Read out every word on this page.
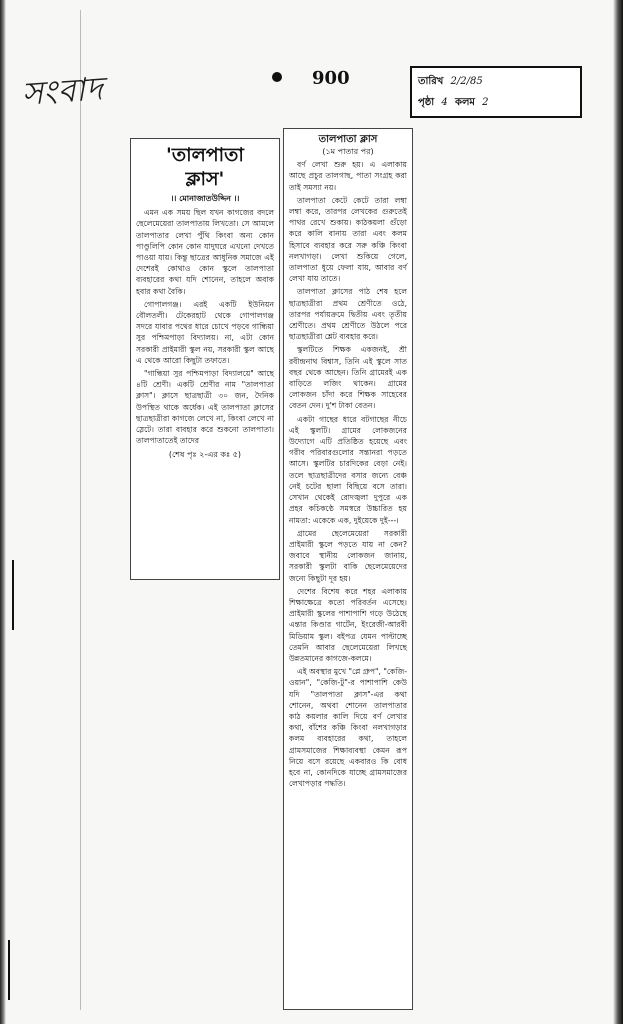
সংবাদ	006	তারিখ 2/2/85
পৃষ্ঠা 4 কলম 2
'তালপাতা
ক্লাস'
।। মোনাজাতউদ্দিন ।।

এমন এক সময় ছিল যখন কাগজের বদলে ছেলেমেয়েরা তালপাতায় লিখতো। সে আমলে তালপাতার লেখা পুঁথি কিংবা অন্য কোন পাণ্ডুলিপি কোন কোন যাদুঘরে এখনো দেখতে পাওয়া যায়। কিন্তু ছাত্রের আধুনিক সমাজে এই দেশেরই কোথাও কোন স্কুলে তালপাতা ব্যবহারের কথা যদি শোনেন, তাহলে অবাক হবার কথা বৈকি।

গোপালগঞ্জ। এরই একটি ইউনিয়ন বৌলতলী। টেকেরহাট থেকে গোপালগঞ্জ সদরে যাবার পথের ধারে চোখে পড়বে গান্ধিয়া সুর পশ্চিমপাড়া বিদ্যালয়। না, এটা কোন সরকারী প্রাইমারী স্কুল নয়, সরকারী স্কুল আছে এ থেকে আরো কিছুটা তফাতে।

"গান্ধিয়া সুর পশ্চিমপাড়া বিদ্যালয়ে" আছে ৪টি শ্রেণী। একটি শ্রেণীর নাম "তালপাতা ক্লাস"। ক্লাসে ছাত্রছাত্রী ৩০ জন, দৈনিক উপস্থিত থাকে অর্ধেক। এই তালপাতা ক্লাসের ছাত্রছাত্রীরা কাগজে লেখে না, কিংবা লেখে না স্লেটে। তারা বাবহার করে শুকনো তালপাতা। তালপাতাতেই তাদের

(শেষ পৃঃ ২-এর কঃ ৫)
তালপাতা ক্লাস
(১ম পাতার পর)

বর্ণ লেখা শুরু হয়। এ এলাকায় আছে প্রচুর তালগাছ, পাতা সংগ্রহ করা তাই সমস্যা নয়।

তালপাতা কেটে কেটে তারা লম্বা লম্বা করে, তারপর লেখকের গুরুতেই পাথর রেখে শুকায়। কাঠকয়লা গুঁড়ো করে কালি বানায় তারা এবং কলম হিসাবে ব্যবহার করে সরু কঞ্চি কিংবা নলখাগড়া। লেখা শুকিয়ে গেলে, তালপাতা ধুয়ে ফেলা যায়, আবার বর্ণ লেখা যায় তাতে।

তালপাতা ক্লাসের পাঠ শেষ হলে ছাত্রছাত্রীরা প্রথম শ্রেণীতে ওঠে, তারপর পর্যায়ক্রমে দ্বিতীয় এবং তৃতীয় শ্রেণীতে। প্রথম শ্রেণীতে উঠলে পরে ছাত্রছাত্রীরা শ্লেট ব্যবহার করে।

স্কুলটিতে শিক্ষক একজনই, শ্রী রবীন্দ্রনাথ বিশ্বাস, তিনি এই স্কুলে সাত বছর থেকে আছেন। তিনি গ্রামেরই এক বাড়িতে লজিং থাকেন। গ্রামের লোকজন চাঁদা করে শিক্ষক সাহেবের বেতন দেন। দু'শ টাকা বেতন।

একটা গাছের ধারে বটগাছের নীচে এই স্কুলটি। গ্রামের লোকজনের উদ্যোগে এটি প্রতিষ্ঠিত হয়েছে এবং গরীব পরিবারগুলোর সন্তানরা পড়তে আসে। স্কুলটির চারদিকের বেড়া নেই। তলে ছাত্রছাত্রীদের বসার জন্যে বেঞ্চ নেই চটের ছালা বিছিয়ে বসে তারা। সেখান থেকেই রোদজ্বলা দুপুরে এক প্রহর কচিকণ্ঠে সমস্বরে উচ্চারিত হয় নামতা: একেকে এক, দুইয়েকে দুই---।

গ্রামের ছেলেমেয়েরা সরকারী প্রাইমারী স্কুলে পড়তে যায় না কেন? জবাবে স্থানীয় লোকজন জানায়, সরকারী স্কুলটা বাকি ছেলেমেয়েদের জন্যে কিছুটা দূর হয়।

দেশের বিশেষ করে শহর এলাকায় শিক্ষাক্ষেত্রে কতো পরিবর্তন এসেছে। প্রাইমারী স্কুলের পাশাপাশি গড়ে উঠেছে এন্তার কিণ্ডার গার্টেন, ইংরেজী-আরবী মিডিয়াম স্কুল। বইপত্র যেমন পাল্টাচ্ছে তেমনি আবার ছেলেমেয়েরা লিখছে উন্নতমানের কাগজে-কলমে।

এই অবস্থার মুখে "প্লে গ্রুপ", "কেজি-ওয়ান", "কেজি-টু"-র পাশাপাশি কেউ যদি "তালপাতা ক্লাস"-এর কথা শোনেন, অথবা শোনেন তালপাতার কাঠ কয়লার কালি দিয়ে বর্ণ লেখার কথা, বাঁশের কঞ্চি কিংবা নলখাগড়ার কলম ব্যবহারের কথা, তাহলে গ্রামসমাজের শিক্ষাব্যবস্থা কেমন রূপ নিয়ে বসে রয়েছে একবারও কি বোধ হবে না, কোনদিকে যাচ্ছে গ্রামসমাজের লেখাপড়ার পদ্ধতি।
